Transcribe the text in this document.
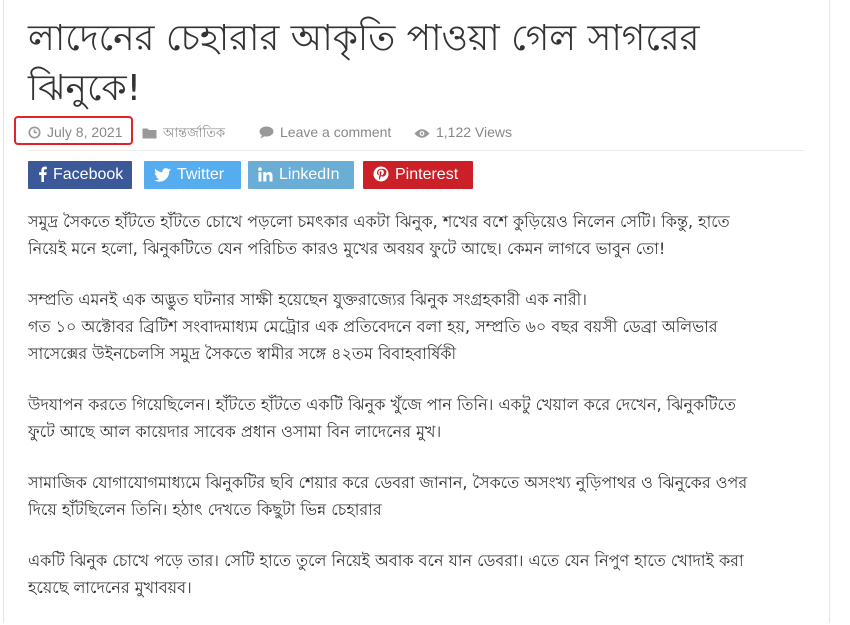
লাদেনের চেহারার আকৃতি পাওয়া গেল সাগরের ঝিনুকে!
July 8, 2021	আন্তর্জাতিক	Leave a comment	1,122 Views
Facebook	Twitter	LinkedIn	Pinterest

সমুদ্র সৈকতে হাঁটতে হাঁটতে চোখে পড়লো চমৎকার একটা ঝিনুক, শখের বশে কুড়িয়েও নিলেন সেটি। কিন্তু, হাতে
নিয়েই মনে হলো, ঝিনুকটিতে যেন পরিচিত কারও মুখের অবয়ব ফুটে আছে। কেমন লাগবে ভাবুন তো!

সম্প্রতি এমনই এক অদ্ভুত ঘটনার সাক্ষী হয়েছেন যুক্তরাজ্যের ঝিনুক সংগ্রহকারী এক নারী।
গত ১০ অক্টোবর ব্রিটিশ সংবাদমাধ্যম মেট্রোর এক প্রতিবেদনে বলা হয়, সম্প্রতি ৬০ বছর বয়সী ডেব্রা অলিভার
সাসেক্সের উইনচেলসি সমুদ্র সৈকতে স্বামীর সঙ্গে ৪২তম বিবাহবার্ষিকী

উদযাপন করতে গিয়েছিলেন। হাঁটতে হাঁটতে একটি ঝিনুক খুঁজে পান তিনি। একটু খেয়াল করে দেখেন, ঝিনুকটিতে
ফুটে আছে আল কায়েদার সাবেক প্রধান ওসামা বিন লাদেনের মুখ।

সামাজিক যোগাযোগমাধ্যমে ঝিনুকটির ছবি শেয়ার করে ডেবরা জানান, সৈকতে অসংখ্য নুড়িপাথর ও ঝিনুকের ওপর
দিয়ে হাঁটছিলেন তিনি। হঠাৎ দেখতে কিছুটা ভিন্ন চেহারার

একটি ঝিনুক চোখে পড়ে তার। সেটি হাতে তুলে নিয়েই অবাক বনে যান ডেবরা। এতে যেন নিপুণ হাতে খোদাই করা
হয়েছে লাদেনের মুখাবয়ব।
